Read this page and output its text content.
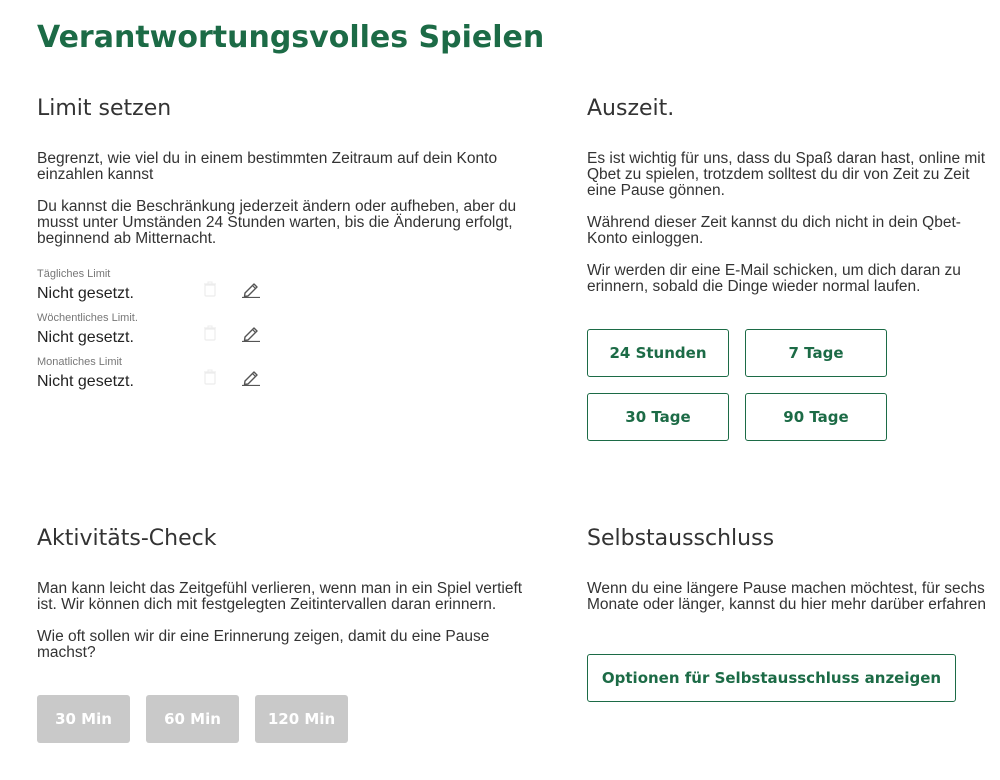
Verantwortungsvolles Spielen
Limit setzen

Begrenzt, wie viel du in einem bestimmten Zeitraum auf dein Konto einzahlen kannst

Du kannst die Beschränkung jederzeit ändern oder aufheben, aber du musst unter Umständen 24 Stunden warten, bis die Änderung erfolgt, beginnend ab Mitternacht.

Tägliches Limit
Nicht gesetzt.
Wöchentliches Limit.
Nicht gesetzt.
Monatliches Limit
Nicht gesetzt.
Auszeit.

Es ist wichtig für uns, dass du Spaß daran hast, online mit Qbet zu spielen, trotzdem solltest du dir von Zeit zu Zeit eine Pause gönnen.

Während dieser Zeit kannst du dich nicht in dein Qbet-Konto einloggen.

Wir werden dir eine E-Mail schicken, um dich daran zu erinnern, sobald die Dinge wieder normal laufen.

24 Stunden	7 Tage
30 Tage	90 Tage
Aktivitäts-Check

Man kann leicht das Zeitgefühl verlieren, wenn man in ein Spiel vertieft ist. Wir können dich mit festgelegten Zeitintervallen daran erinnern.

Wie oft sollen wir dir eine Erinnerung zeigen, damit du eine Pause machst?

30 Min	60 Min	120 Min
Selbstausschluss

Wenn du eine längere Pause machen möchtest, für sechs Monate oder länger, kannst du hier mehr darüber erfahren

Optionen für Selbstausschluss anzeigen
